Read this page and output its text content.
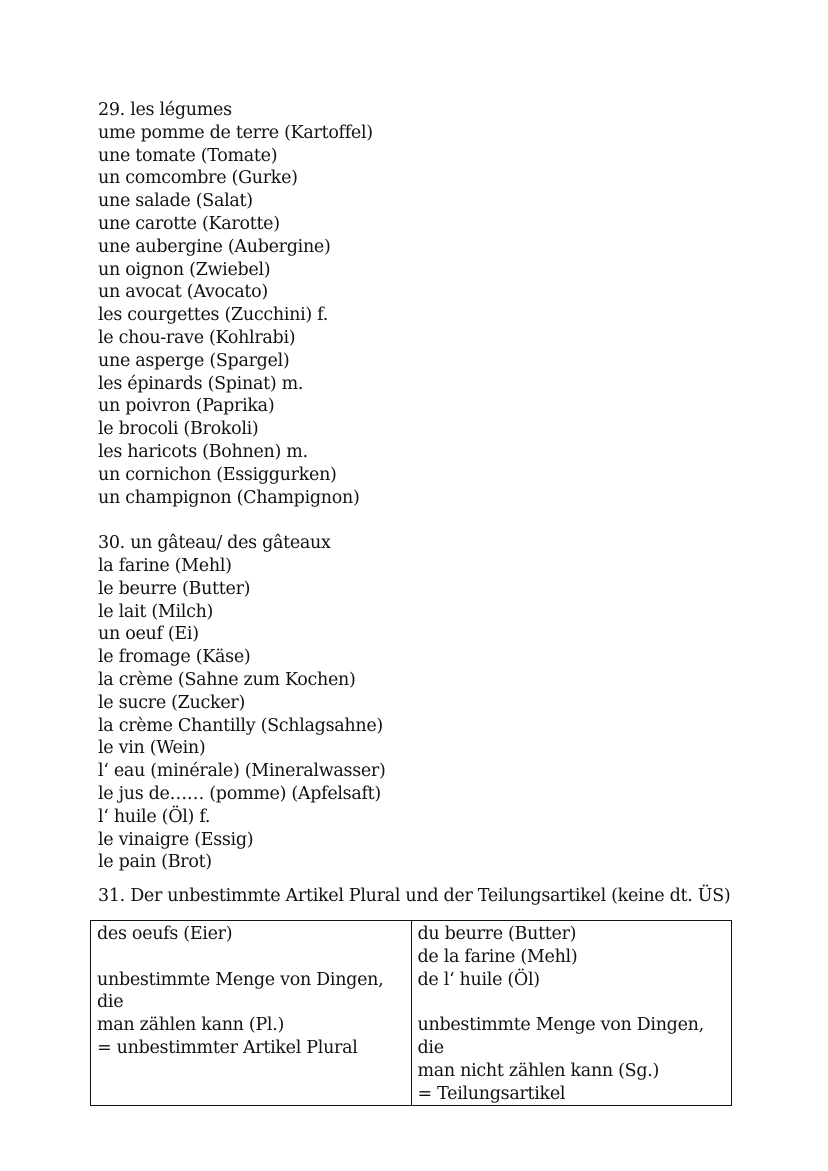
29. les légumes
ume pomme de terre (Kartoffel)
une tomate (Tomate)
un comcombre (Gurke)
une salade (Salat)
une carotte (Karotte)
une aubergine (Aubergine)
un oignon (Zwiebel)
un avocat (Avocato)
les courgettes (Zucchini) f.
le chou-rave (Kohlrabi)
une asperge (Spargel)
les épinards (Spinat) m.
un poivron (Paprika)
le brocoli (Brokoli)
les haricots (Bohnen) m.
un cornichon (Essiggurken)
un champignon (Champignon)
30. un gâteau/ des gâteaux
la farine (Mehl)
le beurre (Butter)
le lait (Milch)
un oeuf (Ei)
le fromage (Käse)
la crème (Sahne zum Kochen)
le sucre (Zucker)
la crème Chantilly (Schlagsahne)
le vin (Wein)
l‘ eau (minérale) (Mineralwasser)
le jus de…… (pomme) (Apfelsaft)
l‘ huile (Öl) f.
le vinaigre (Essig)
le pain (Brot)
31. Der unbestimmte Artikel Plural und der Teilungsartikel (keine dt. ÜS)
des oeufs (Eier)
unbestimmte Menge von Dingen, die
man zählen kann (Pl.)
= unbestimmter Artikel Plural

du beurre (Butter)
de la farine (Mehl)
de l‘ huile (Öl)
unbestimmte Menge von Dingen, die
man nicht zählen kann (Sg.)
= Teilungsartikel
